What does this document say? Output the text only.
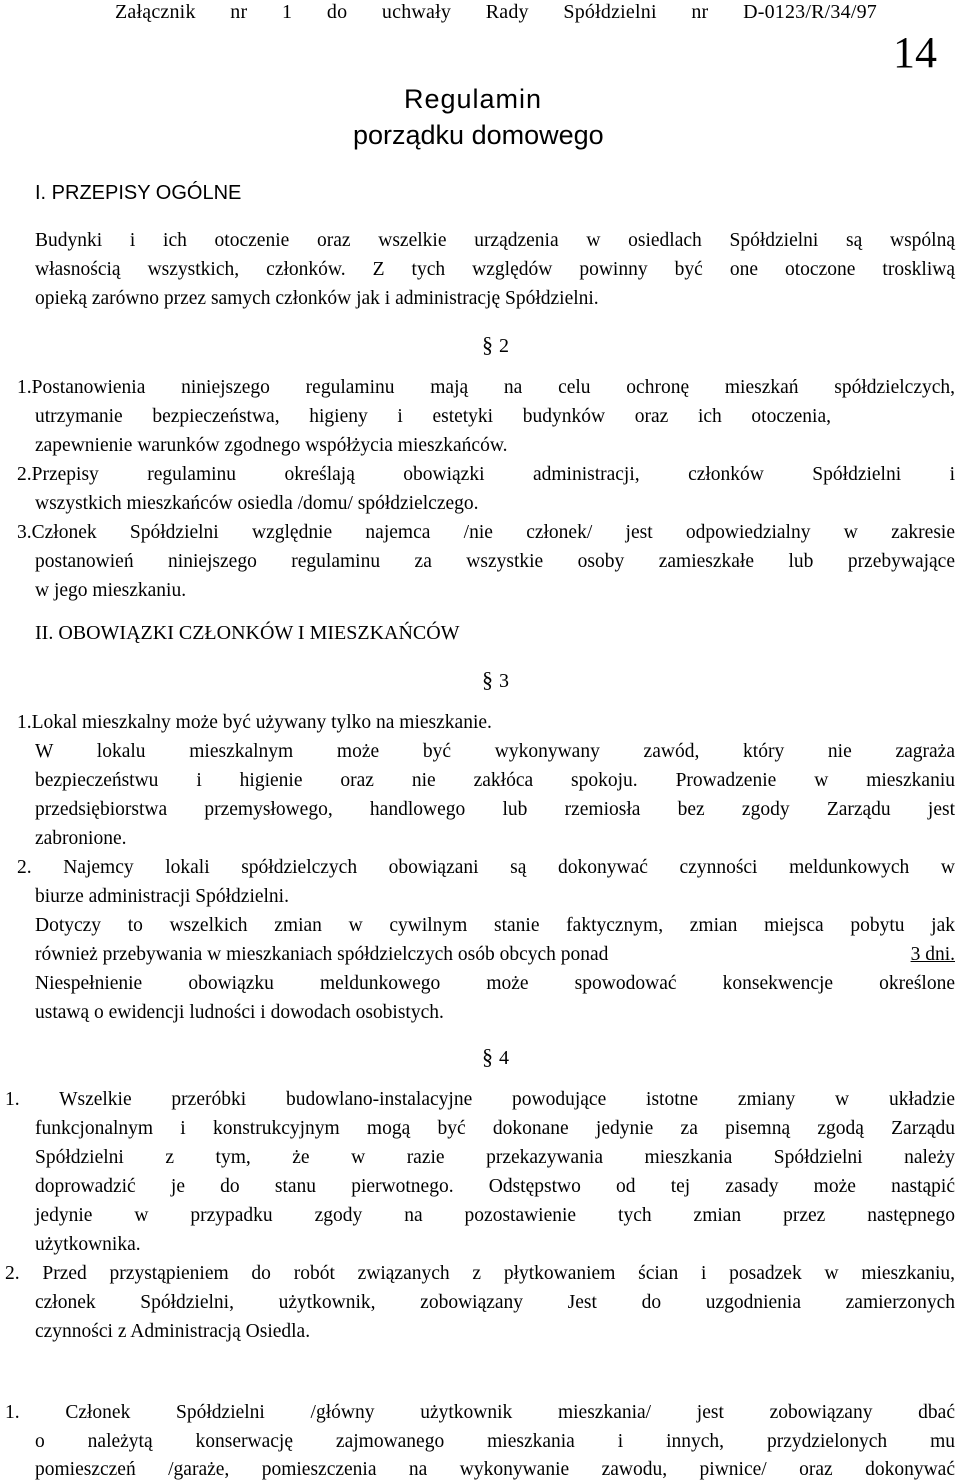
Załącznik nr 1 do uchwały Rady Spółdzielni nr D-0123/R/34/97
14
Regulamin
porządku domowego
I. PRZEPISY OGÓLNE
Budynki i ich otoczenie oraz wszelkie urządzenia w osiedlach Spółdzielni są wspólną
własnością wszystkich, członków. Z tych względów powinny być one otoczone troskliwą
opieką zarówno przez samych członków jak i administrację Spółdzielni.
§ 2
1.Postanowienia niniejszego regulaminu mają na celu ochronę mieszkań spółdzielczych,
utrzymanie bezpieczeństwa, higieny i estetyki budynków oraz ich otoczenia,
zapewnienie warunków zgodnego współżycia mieszkańców.
2.Przepisy regulaminu określają obowiązki administracji, członków Spółdzielni i
wszystkich mieszkańców osiedla /domu/ spółdzielczego.
3.Członek Spółdzielni względnie najemca /nie członek/ jest odpowiedzialny w zakresie
postanowień niniejszego regulaminu za wszystkie osoby zamieszkałe lub przebywające
w jego mieszkaniu.
II. OBOWIĄZKI CZŁONKÓW I MIESZKAŃCÓW
§ 3
1.Lokal mieszkalny może być używany tylko na mieszkanie.
W lokalu mieszkalnym może być wykonywany zawód, który nie zagraża
bezpieczeństwu i higienie oraz nie zakłóca spokoju. Prowadzenie w mieszkaniu
przedsiębiorstwa przemysłowego, handlowego lub rzemiosła bez zgody Zarządu jest
zabronione.
2. Najemcy lokali spółdzielczych obowiązani są dokonywać czynności meldunkowych w
biurze administracji Spółdzielni.
Dotyczy to wszelkich zmian w cywilnym stanie faktycznym, zmian miejsca pobytu jak
również przebywania w mieszkaniach spółdzielczych osób obcych ponad	3 dni.
Niespełnienie obowiązku meldunkowego może spowodować konsekwencje określone
ustawą o ewidencji ludności i dowodach osobistych.
§ 4
1. Wszelkie przeróbki budowlano-instalacyjne powodujące istotne zmiany w układzie
funkcjonalnym i konstrukcyjnym mogą być dokonane jedynie za pisemną zgodą Zarządu
Spółdzielni z tym, że w razie przekazywania mieszkania Spółdzielni należy
doprowadzić je do stanu pierwotnego. Odstępstwo od tej zasady może nastąpić
jedynie w przypadku zgody na pozostawienie tych zmian przez następnego
użytkownika.
2. Przed przystąpieniem do robót związanych z płytkowaniem ścian i posadzek w mieszkaniu,
członek Spółdzielni, użytkownik, zobowiązany Jest do uzgodnienia zamierzonych
czynności z Administracją Osiedla.
1. Członek Spółdzielni /główny użytkownik mieszkania/ jest zobowiązany dbać
o należytą konserwację zajmowanego mieszkania i innych, przydzielonych mu
pomieszczeń /garaże, pomieszczenia na wykonywanie zawodu, piwnice/ oraz dokonywać
